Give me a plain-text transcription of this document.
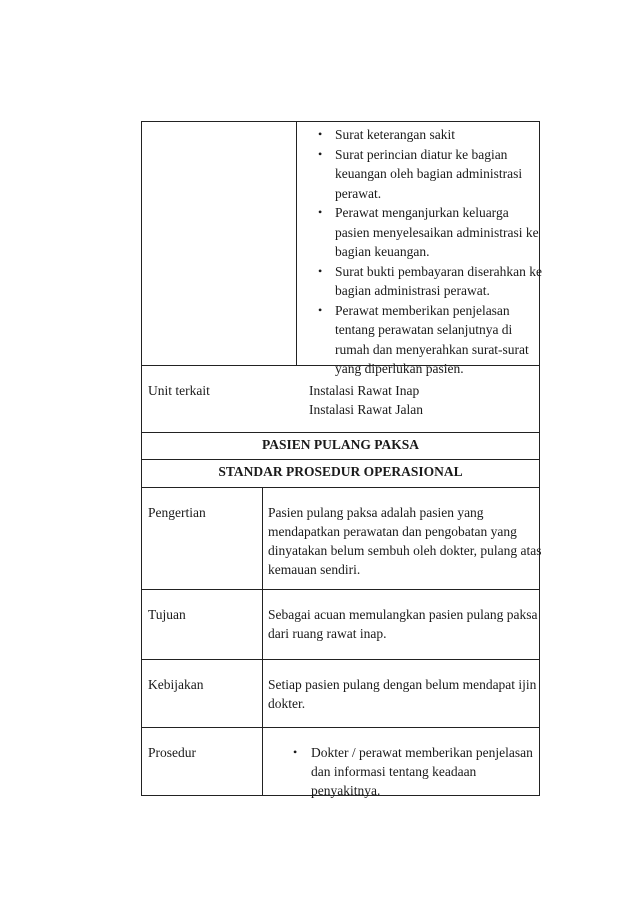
• Surat keterangan sakit
• Surat perincian diatur ke bagian
keuangan oleh bagian administrasi
perawat.
• Perawat menganjurkan keluarga
pasien menyelesaikan administrasi ke
bagian keuangan.
• Surat bukti pembayaran diserahkan ke
bagian administrasi perawat.
• Perawat memberikan penjelasan
tentang perawatan selanjutnya di
rumah dan menyerahkan surat-surat
yang diperlukan pasien.
Unit terkait	Instalasi Rawat Inap
Instalasi Rawat Jalan
PASIEN PULANG PAKSA
STANDAR PROSEDUR OPERASIONAL
Pengertian	Pasien pulang paksa adalah pasien yang
mendapatkan perawatan dan pengobatan yang
dinyatakan belum sembuh oleh dokter, pulang atas
kemauan sendiri.
Tujuan	Sebagai acuan memulangkan pasien pulang paksa
dari ruang rawat inap.
Kebijakan	Setiap pasien pulang dengan belum mendapat ijin
dokter.
Prosedur	• Dokter / perawat memberikan penjelasan
dan informasi tentang keadaan
penyakitnya.
